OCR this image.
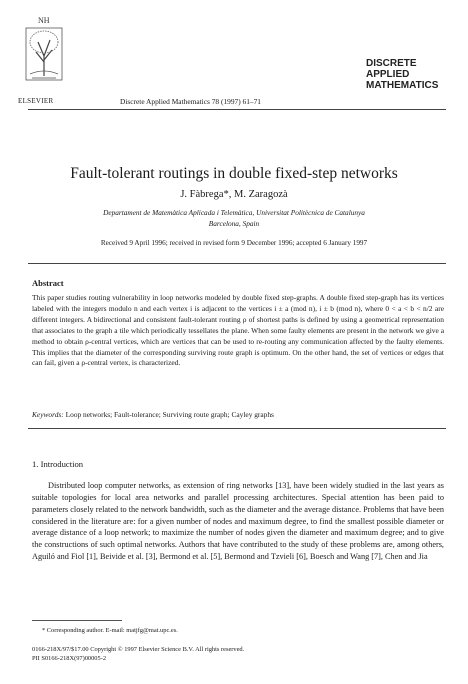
NH
ELSEVIER	Discrete Applied Mathematics 78 (1997) 61–71
DISCRETE
APPLIED
MATHEMATICS
Fault-tolerant routings in double fixed-step networks
J. Fàbrega*, M. Zaragozà
Departament de Matemàtica Aplicada i Telemàtica, Universitat Politècnica de Catalunya
Barcelona, Spain
Received 9 April 1996; received in revised form 9 December 1996; accepted 6 January 1997
Abstract
This paper studies routing vulnerability in loop networks modeled by double fixed step-graphs. A double fixed step-graph has its vertices labeled with the integers modulo n and each vertex i is adjacent to the vertices i ± a (mod n), i ± b (mod n), where 0 < a < b < n/2 are different integers. A bidirectional and consistent fault-tolerant routing ρ of shortest paths is defined by using a geometrical representation that associates to the graph a tile which periodically tessellates the plane. When some faulty elements are present in the network we give a method to obtain ρ-central vertices, which are vertices that can be used to re-routing any communication affected by the faulty elements. This implies that the diameter of the corresponding surviving route graph is optimum. On the other hand, the set of vertices or edges that can fail, given a ρ-central vertex, is characterized.
Keywords: Loop networks; Fault-tolerance; Surviving route graph; Cayley graphs
1. Introduction
Distributed loop computer networks, as extension of ring networks [13], have been widely studied in the last years as suitable topologies for local area networks and parallel processing architectures. Special attention has been paid to parameters closely related to the network bandwidth, such as the diameter and the average distance. Problems that have been considered in the literature are: for a given number of nodes and maximum degree, to find the smallest possible diameter or average distance of a loop network; to maximize the number of nodes given the diameter and maximum degree; and to give the constructions of such optimal networks. Authors that have contributed to the study of these problems are, among others, Aguiló and Fiol [1], Beivide et al. [3], Bermond et al. [5], Bermond and Tzvieli [6], Boesch and Wang [7], Chen and Jia
* Corresponding author. E-mail: matjfg@mat.upc.es.
0166-218X/97/$17.00 Copyright © 1997 Elsevier Science B.V. All rights reserved.
PII S0166-218X(97)00005-2
